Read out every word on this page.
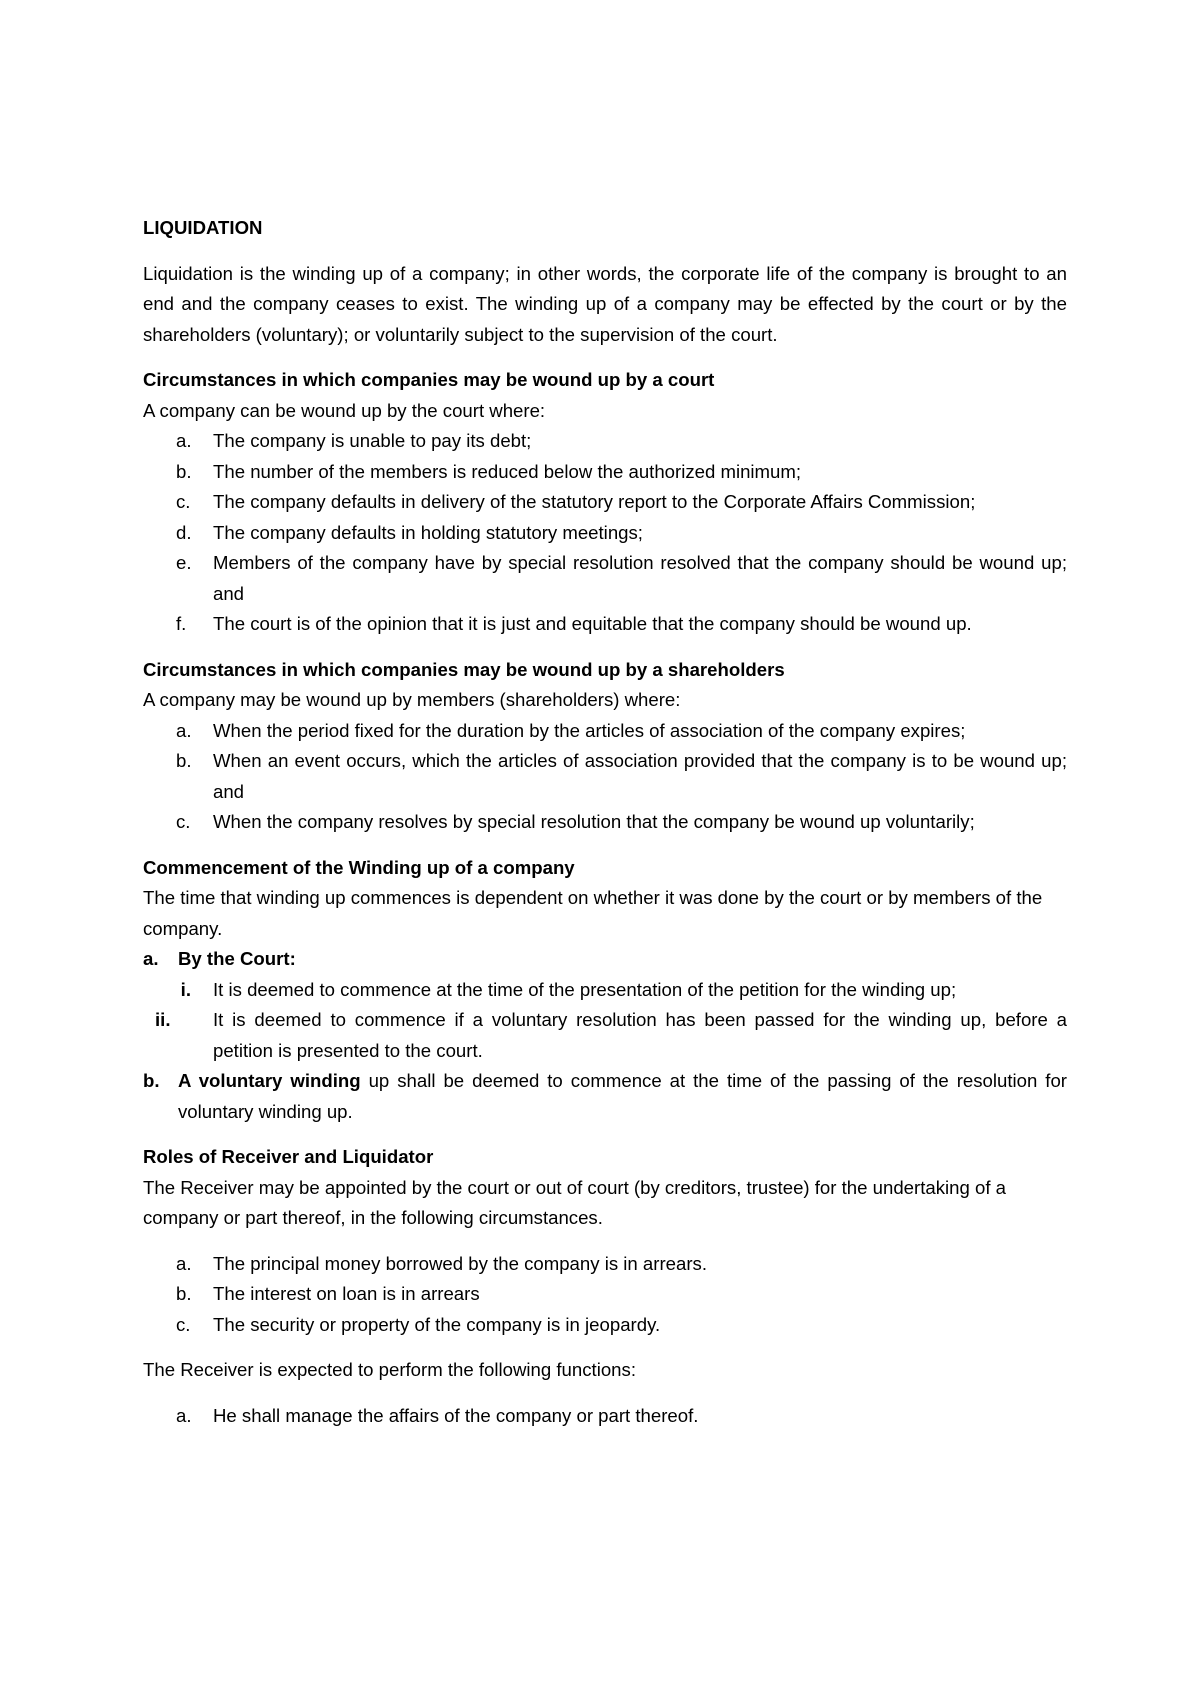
LIQUIDATION

Liquidation is the winding up of a company; in other words, the corporate life of the company is brought to an end and the company ceases to exist. The winding up of a company may be effected by the court or by the shareholders (voluntary); or voluntarily subject to the supervision of the court.

Circumstances in which companies may be wound up by a court

A company can be wound up by the court where:

a. The company is unable to pay its debt;
b. The number of the members is reduced below the authorized minimum;
c. The company defaults in delivery of the statutory report to the Corporate Affairs Commission;
d. The company defaults in holding statutory meetings;
e. Members of the company have by special resolution resolved that the company should be wound up; and
f. The court is of the opinion that it is just and equitable that the company should be wound up.

Circumstances in which companies may be wound up by a shareholders

A company may be wound up by members (shareholders) where:

a. When the period fixed for the duration by the articles of association of the company expires;
b. When an event occurs, which the articles of association provided that the company is to be wound up; and
c. When the company resolves by special resolution that the company be wound up voluntarily;

Commencement of the Winding up of a company

The time that winding up commences is dependent on whether it was done by the court or by members of the company.

a. By the Court:
i. It is deemed to commence at the time of the presentation of the petition for the winding up;
ii.	It is deemed to commence if a voluntary resolution has been passed for the winding up, before a petition is presented to the court.
b. A voluntary winding up shall be deemed to commence at the time of the passing of the resolution for voluntary winding up.

Roles of Receiver and Liquidator

The Receiver may be appointed by the court or out of court (by creditors, trustee) for the undertaking of a company or part thereof, in the following circumstances.

a. The principal money borrowed by the company is in arrears.
b. The interest on loan is in arrears
c. The security or property of the company is in jeopardy.

The Receiver is expected to perform the following functions:

a. He shall manage the affairs of the company or part thereof.
